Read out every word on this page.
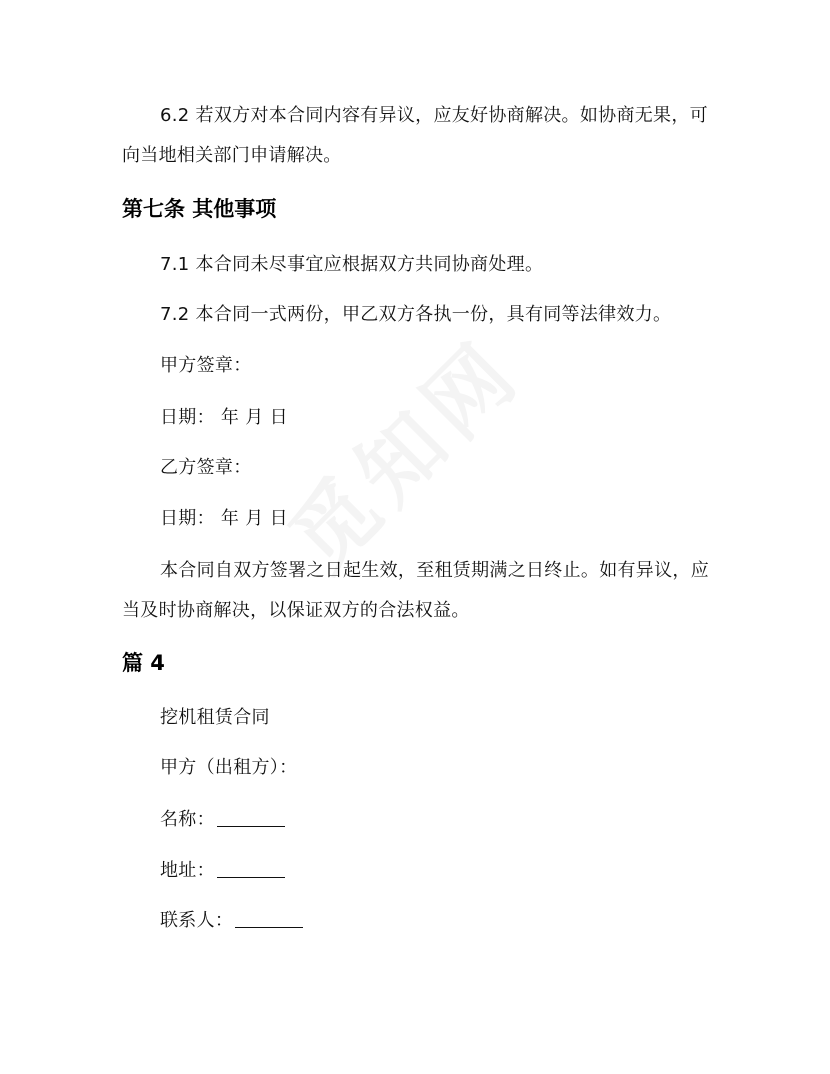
6.2 若双方对本合同内容有异议，应友好协商解决。如协商无果，可向当地相关部门申请解决。

第七条 其他事项

7.1 本合同未尽事宜应根据双方共同协商处理。

7.2 本合同一式两份，甲乙双方各执一份，具有同等法律效力。

甲方签章：

日期： 年 月 日

乙方签章：

日期： 年 月 日

本合同自双方签署之日起生效，至租赁期满之日终止。如有异议，应当及时协商解决，以保证双方的合法权益。

篇 4

挖机租赁合同

甲方（出租方）：

名称：

地址：

联系人：
